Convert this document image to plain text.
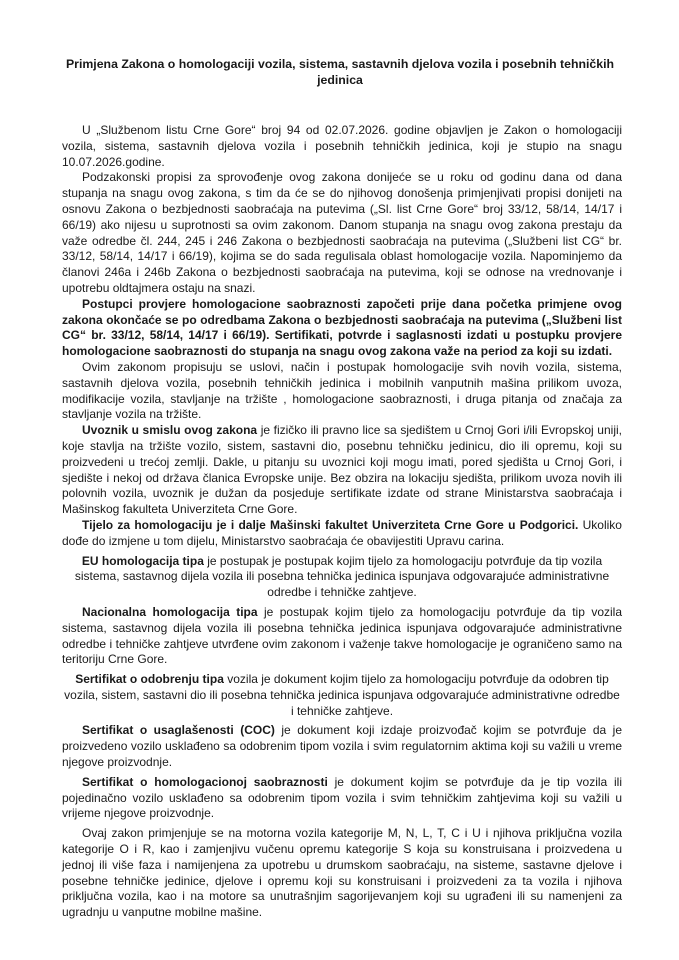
Primjena Zakona o homologaciji vozila, sistema, sastavnih djelova vozila i posebnih tehničkih jedinica

U „Službenom listu Crne Gore“ broj 94 od 02.07.2026. godine objavljen je Zakon o homologaciji vozila, sistema, sastavnih djelova vozila i posebnih tehničkih jedinica, koji je stupio na snagu 10.07.2026.godine.

Podzakonski propisi za sprovođenje ovog zakona donijeće se u roku od godinu dana od dana stupanja na snagu ovog zakona, s tim da će se do njihovog donošenja primjenjivati propisi donijeti na osnovu Zakona o bezbjednosti saobraćaja na putevima („Sl. list Crne Gore“ broj 33/12, 58/14, 14/17 i 66/19) ako nijesu u suprotnosti sa ovim zakonom. Danom stupanja na snagu ovog zakona prestaju da važe odredbe čl. 244, 245 i 246 Zakona o bezbjednosti saobraćaja na putevima („Službeni list CG“ br. 33/12, 58/14, 14/17 i 66/19), kojima se do sada regulisala oblast homologacije vozila. Napominjemo da članovi 246a i 246b Zakona o bezbjednosti saobraćaja na putevima, koji se odnose na vrednovanje i upotrebu oldtajmera ostaju na snazi.

Postupci provjere homologacione saobraznosti započeti prije dana početka primjene ovog zakona okončaće se po odredbama Zakona o bezbjednosti saobraćaja na putevima („Službeni list CG“ br. 33/12, 58/14, 14/17 i 66/19). Sertifikati, potvrde i saglasnosti izdati u postupku provjere homologacione saobraznosti do stupanja na snagu ovog zakona važe na period za koji su izdati.

Ovim zakonom propisuju se uslovi, način i postupak homologacije svih novih vozila, sistema, sastavnih djelova vozila, posebnih tehničkih jedinica i mobilnih vanputnih mašina prilikom uvoza, modifikacije vozila, stavljanje na tržište , homologacione saobraznosti, i druga pitanja od značaja za stavljanje vozila na tržište.

Uvoznik u smislu ovog zakona je fizičko ili pravno lice sa sjedištem u Crnoj Gori i/ili Evropskoj uniji, koje stavlja na tržište vozilo, sistem, sastavni dio, posebnu tehničku jedinicu, dio ili opremu, koji su proizvedeni u trećoj zemlji. Dakle, u pitanju su uvoznici koji mogu imati, pored sjedišta u Crnoj Gori, i sjedište i nekoj od država članica Evropske unije. Bez obzira na lokaciju sjedišta, prilikom uvoza novih ili polovnih vozila, uvoznik je dužan da posjeduje sertifikate izdate od strane Ministarstva saobraćaja i Mašinskog fakulteta Univerziteta Crne Gore.

Tijelo za homologaciju je i dalje Mašinski fakultet Univerziteta Crne Gore u Podgorici. Ukoliko dođe do izmjene u tom dijelu, Ministarstvo saobraćaja će obavijestiti Upravu carina.

EU homologacija tipa je postupak je postupak kojim tijelo za homologaciju potvrđuje da tip vozila sistema, sastavnog dijela vozila ili posebna tehnička jedinica ispunjava odgovarajuće administrativne odredbe i tehničke zahtjeve.

Nacionalna homologacija tipa je postupak kojim tijelo za homologaciju potvrđuje da tip vozila sistema, sastavnog dijela vozila ili posebna tehnička jedinica ispunjava odgovarajuće administrativne odredbe i tehničke zahtjeve utvrđene ovim zakonom i važenje takve homologacije je ograničeno samo na teritoriju Crne Gore.

Sertifikat o odobrenju tipa vozila je dokument kojim tijelo za homologaciju potvrđuje da odobren tip vozila, sistem, sastavni dio ili posebna tehnička jedinica ispunjava odgovarajuće administrativne odredbe i tehničke zahtjeve.

Sertifikat o usaglašenosti (COC) je dokument koji izdaje proizvođač kojim se potvrđuje da je proizvedeno vozilo usklađeno sa odobrenim tipom vozila i svim regulatornim aktima koji su važili u vreme njegove proizvodnje.

Sertifikat o homologacionoj saobraznosti je dokument kojim se potvrđuje da je tip vozila ili pojedinačno vozilo usklađeno sa odobrenim tipom vozila i svim tehničkim zahtjevima koji su važili u vrijeme njegove proizvodnje.

Ovaj zakon primjenjuje se na motorna vozila kategorije M, N, L, T, C i U i njihova priključna vozila kategorije O i R, kao i zamjenjivu vučenu opremu kategorije S koja su konstruisana i proizvedena u jednoj ili više faza i namijenjena za upotrebu u drumskom saobraćaju, na sisteme, sastavne djelove i posebne tehničke jedinice, djelove i opremu koji su konstruisani i proizvedeni za ta vozila i njihova priključna vozila, kao i na motore sa unutrašnjim sagorijevanjem koji su ugrađeni ili su namenjeni za ugradnju u vanputne mobilne mašine.
